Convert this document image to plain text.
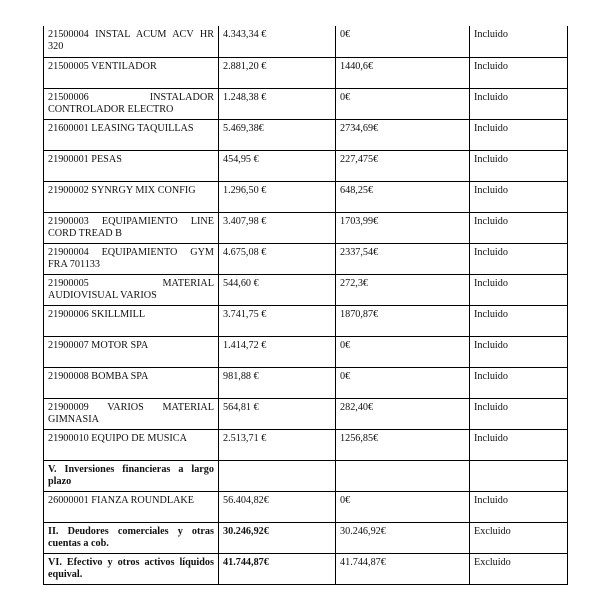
21500004 INSTAL ACUM ACV HR 320	4.343,34 €	0€	Incluido
21500005 VENTILADOR	2.881,20 €	1440,6€	Incluido
21500006 INSTALADOR CONTROLADOR ELECTRO	1.248,38 €	0€	Incluido
21600001 LEASING TAQUILLAS	5.469,38€	2734,69€	Incluido
21900001 PESAS	454,95 €	227,475€	Incluido
21900002 SYNRGY MIX CONFIG	1.296,50 €	648,25€	Incluido
21900003 EQUIPAMIENTO LINE CORD TREAD B	3.407,98 €	1703,99€	Incluido
21900004 EQUIPAMIENTO GYM FRA 701133	4.675,08 €	2337,54€	Incluido
21900005 MATERIAL AUDIOVISUAL VARIOS	544,60 €	272,3€	Incluido
21900006 SKILLMILL	3.741,75 €	1870,87€	Incluido
21900007 MOTOR SPA	1.414,72 €	0€	Incluido
21900008 BOMBA SPA	981,88 €	0€	Incluido
21900009 VARIOS MATERIAL GIMNASIA	564,81 €	282,40€	Incluido
21900010 EQUIPO DE MUSICA	2.513,71 €	1256,85€	Incluido
V. Inversiones financieras a largo plazo			
26000001 FIANZA ROUNDLAKE	56.404,82€	0€	Incluido
II. Deudores comerciales y otras cuentas a cob.	30.246,92€	30.246,92€	Excluido
VI. Efectivo y otros activos líquidos equival.	41.744,87€	41.744,87€	Excluido
